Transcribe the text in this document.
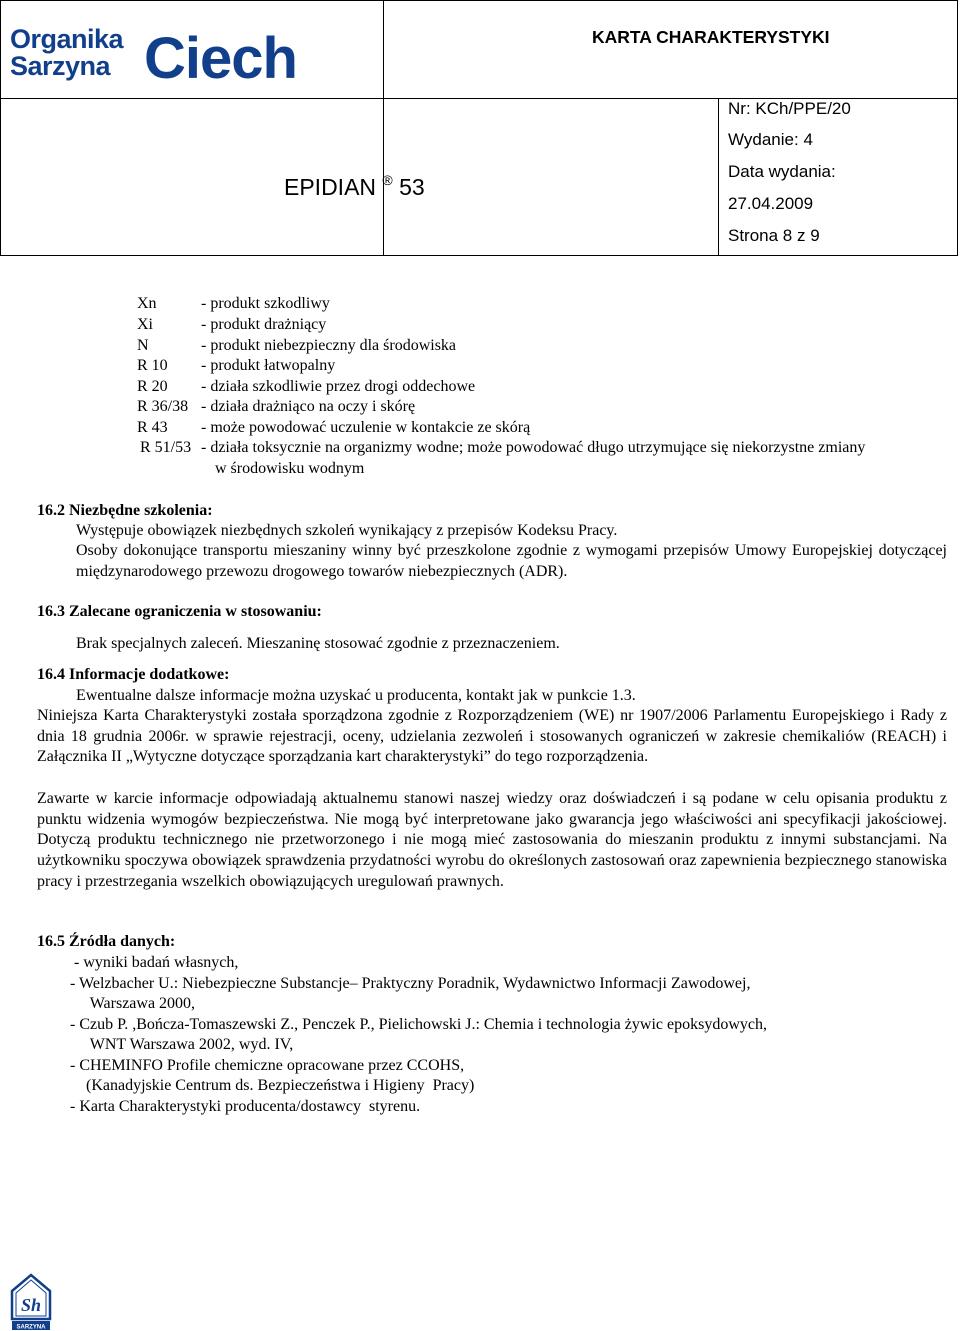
Organika
Sarzyna Ciech	KARTA CHARAKTERYSTYKI
EPIDIAN ® 53
Nr: KCh/PPE/20
Wydanie: 4
Data wydania:
27.04.2009
Strona 8 z 9
Xn	- produkt szkodliwy
Xi	- produkt drażniący
N	- produkt niebezpieczny dla środowiska
R 10 - produkt łatwopalny
R 20 - działa szkodliwie przez drogi oddechowe
R 36/38 - działa drażniąco na oczy i skórę
R 43 - może powodować uczulenie w kontakcie ze skórą
R 51/53 - działa toksycznie na organizmy wodne; może powodować długo utrzymujące się niekorzystne zmiany
w środowisku wodnym
16.2 Niezbędne szkolenia:
Występuje obowiązek niezbędnych szkoleń wynikający z przepisów Kodeksu Pracy.
Osoby dokonujące transportu mieszaniny winny być przeszkolone zgodnie z wymogami przepisów Umowy Europejskiej dotyczącej międzynarodowego przewozu drogowego towarów niebezpiecznych (ADR).
16.3 Zalecane ograniczenia w stosowaniu:
Brak specjalnych zaleceń. Mieszaninę stosować zgodnie z przeznaczeniem.
16.4 Informacje dodatkowe:
Ewentualne dalsze informacje można uzyskać u producenta, kontakt jak w punkcie 1.3.
Niniejsza Karta Charakterystyki została sporządzona zgodnie z Rozporządzeniem (WE) nr 1907/2006 Parlamentu Europejskiego i Rady z dnia 18 grudnia 2006r. w sprawie rejestracji, oceny, udzielania zezwoleń i stosowanych ograniczeń w zakresie chemikaliów (REACH) i Załącznika II „Wytyczne dotyczące sporządzania kart charakterystyki” do tego rozporządzenia.
Zawarte w karcie informacje odpowiadają aktualnemu stanowi naszej wiedzy oraz doświadczeń i są podane w celu opisania produktu z punktu widzenia wymogów bezpieczeństwa. Nie mogą być interpretowane jako gwarancja jego właściwości ani specyfikacji jakościowej. Dotyczą produktu technicznego nie przetworzonego i nie mogą mieć zastosowania do mieszanin produktu z innymi substancjami. Na użytkowniku spoczywa obowiązek sprawdzenia przydatności wyrobu do określonych zastosowań oraz zapewnienia bezpiecznego stanowiska pracy i przestrzegania wszelkich obowiązujących uregulowań prawnych.
16.5 Źródła danych:
- wyniki badań własnych,
- Welzbacher U.: Niebezpieczne Substancje– Praktyczny Poradnik, Wydawnictwo Informacji Zawodowej,
Warszawa 2000,
- Czub P. ,Bończa-Tomaszewski Z., Penczek P., Pielichowski J.: Chemia i technologia żywic epoksydowych,
WNT Warszawa 2002, wyd. IV,
- CHEMINFO Profile chemiczne opracowane przez CCOHS,
(Kanadyjskie Centrum ds. Bezpieczeństwa i Higieny  Pracy)
- Karta Charakterystyki producenta/dostawcy  styrenu.
Sh
SARZYNA
